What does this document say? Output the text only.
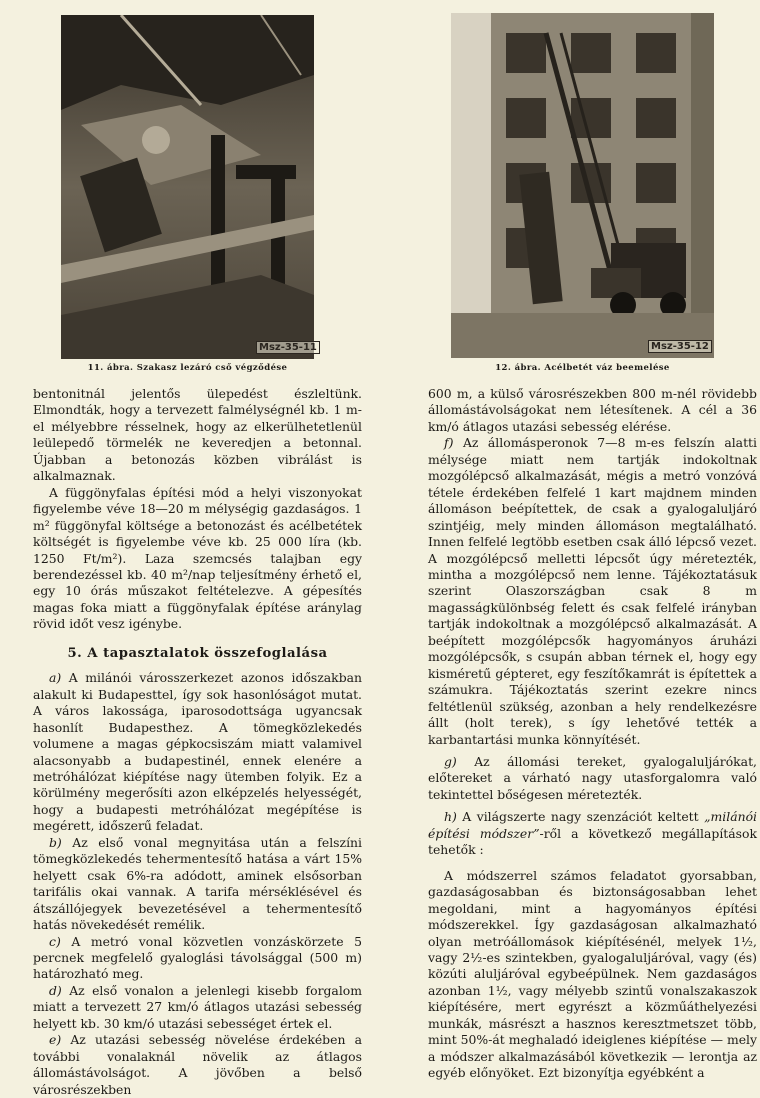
Msz-35-11
11. ábra. Szakasz lezáró cső végződése
Msz-35-12
12. ábra. Acélbetét váz beemelése

bentonitnál jelentős ülepedést észleltünk. Elmondták, hogy a tervezett falmélységnél kb. 1 m-el mélyebbre résselnek, hogy az elkerülhetetlenül leülepedő törmelék ne keveredjen a betonnal. Újabban a betonozás közben vibrálást is alkalmaznak.

A függönyfalas építési mód a helyi viszonyokat figyelembe véve 18—20 m mélységig gazdaságos. 1 m² függönyfal költsége a betonozást és acélbetétek költségét is figyelembe véve kb. 25 000 líra (kb. 1250 Ft/m²). Laza szemcsés talajban egy berendezéssel kb. 40 m²/nap teljesítmény érhető el, egy 10 órás műszakot feltételezve. A gépesítés magas foka miatt a függönyfalak építése aránylag rövid időt vesz igénybe.

5. A tapasztalatok összefoglalása

a) A milánói városszerkezet azonos időszakban alakult ki Budapesttel, így sok hasonlóságot mutat. A város lakossága, iparosodottsága ugyancsak hasonlít Budapesthez. A tömegközlekedés volumene a magas gépkocsiszám miatt valamivel alacsonyabb a budapestinél, ennek elenére a metróhálózat kiépítése nagy ütemben folyik. Ez a körülmény megerősíti azon elképzelés helyességét, hogy a budapesti metróhálózat megépítése is megérett, időszerű feladat.

b) Az első vonal megnyitása után a felszíni tömegközlekedés tehermentesítő hatása a várt 15% helyett csak 6%-ra adódott, aminek elsősorban tarifális okai vannak. A tarifa mérséklésével és átszállójegyek bevezetésével a tehermentesítő hatás növekedését remélik.

c) A metró vonal közvetlen vonzáskörzete 5 percnek megfelelő gyaloglási távolsággal (500 m) határozható meg.

d) Az első vonalon a jelenlegi kisebb forgalom miatt a tervezett 27 km/ó átlagos utazási sebesség helyett kb. 30 km/ó utazási sebességet értek el.

e) Az utazási sebesség növelése érdekében a további vonalaknál növelik az átlagos állomástávolságot. A jövőben a belső városrészekben

600 m, a külső városrészekben 800 m-nél rövidebb állomástávolságokat nem létesítenek. A cél a 36 km/ó átlagos utazási sebesség elérése.

f) Az állomásperonok 7—8 m-es felszín alatti mélysége miatt nem tartják indokoltnak mozgólépcső alkalmazását, mégis a metró vonzóvá tétele érdekében felfelé 1 kart majdnem minden állomáson beépítettek, de csak a gyalogaluljáró szintjéig, mely minden állomáson megtalálható. Innen felfelé legtöbb esetben csak álló lépcső vezet. A mozgólépcső melletti lépcsőt úgy méretezték, mintha a mozgólépcső nem lenne. Tájékoztatásuk szerint Olaszországban csak 8 m magasságkülönbség felett és csak felfelé irányban tartják indokoltnak a mozgólépcső alkalmazását. A beépített mozgólépcsők hagyományos áruházi mozgólépcsők, s csupán abban térnek el, hogy egy kisméretű gépteret, egy feszítőkamrát is építettek a számukra. Tájékoztatás szerint ezekre nincs feltétlenül szükség, azonban a hely rendelkezésre állt (holt terek), s így lehetővé tették a karbantartási munka könnyítését.

g) Az állomási tereket, gyalogaluljárókat, előtereket a várható nagy utasforgalomra való tekintettel bőségesen méretezték.

h) A világszerte nagy szenzációt keltett „milánói építési módszer”-ről a következő megállapítások tehetők :

A módszerrel számos feladatot gyorsabban, gazdaságosabban és biztonságosabban lehet megoldani, mint a hagyományos építési módszerekkel. Így gazdaságosan alkalmazható olyan metróállomások kiépítésénél, melyek 1½, vagy 2½-es szintekben, gyalogaluljáróval, vagy (és) közúti aluljáróval egybeépülnek. Nem gazdaságos azonban 1½, vagy mélyebb szintű vonalszakaszok kiépítésére, mert egyrészt a közműáthelyezési munkák, másrészt a hasznos keresztmetszet több, mint 50%-át meghaladó ideiglenes kiépítése — mely a módszer alkalmazásából következik — lerontja az egyéb előnyöket. Ezt bizonyítja egyébként a
